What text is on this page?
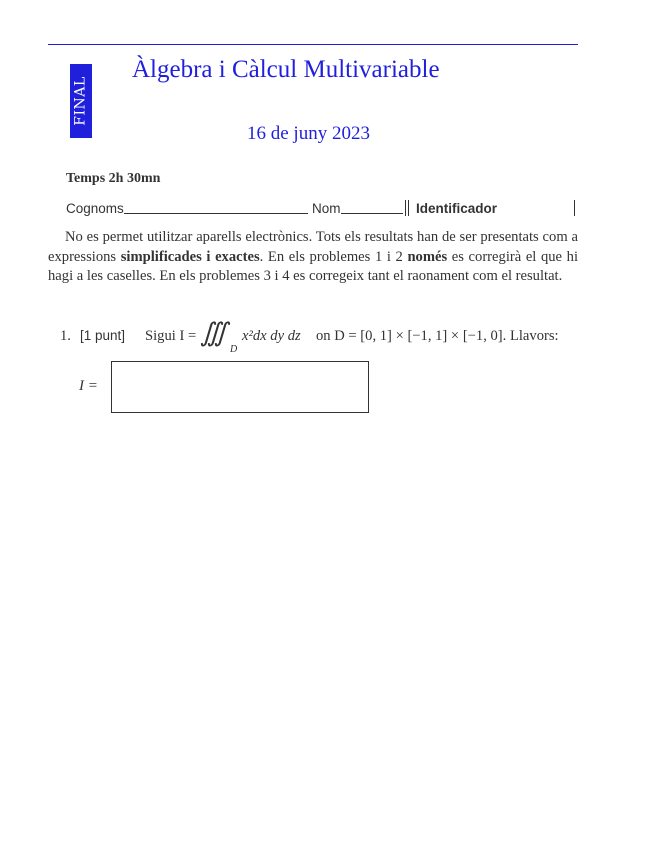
FINAL
Àlgebra i Càlcul Multivariable
16 de juny 2023
Temps 2h 30mn
Cognoms	Nom	Identificador
No es permet utilitzar aparells electrònics. Tots els resultats han de ser presentats com a expressions simplificades i exactes. En els problemes 1 i 2 només es corregirà el que hi hagi a les caselles. En els problemes 3 i 4 es corregeix tant el raonament com el resultat.
1. [1 punt] Sigui I = ∭
D
x²dx dy dz on D = [0, 1] × [−1, 1] × [−1, 0]. Llavors:
I =
